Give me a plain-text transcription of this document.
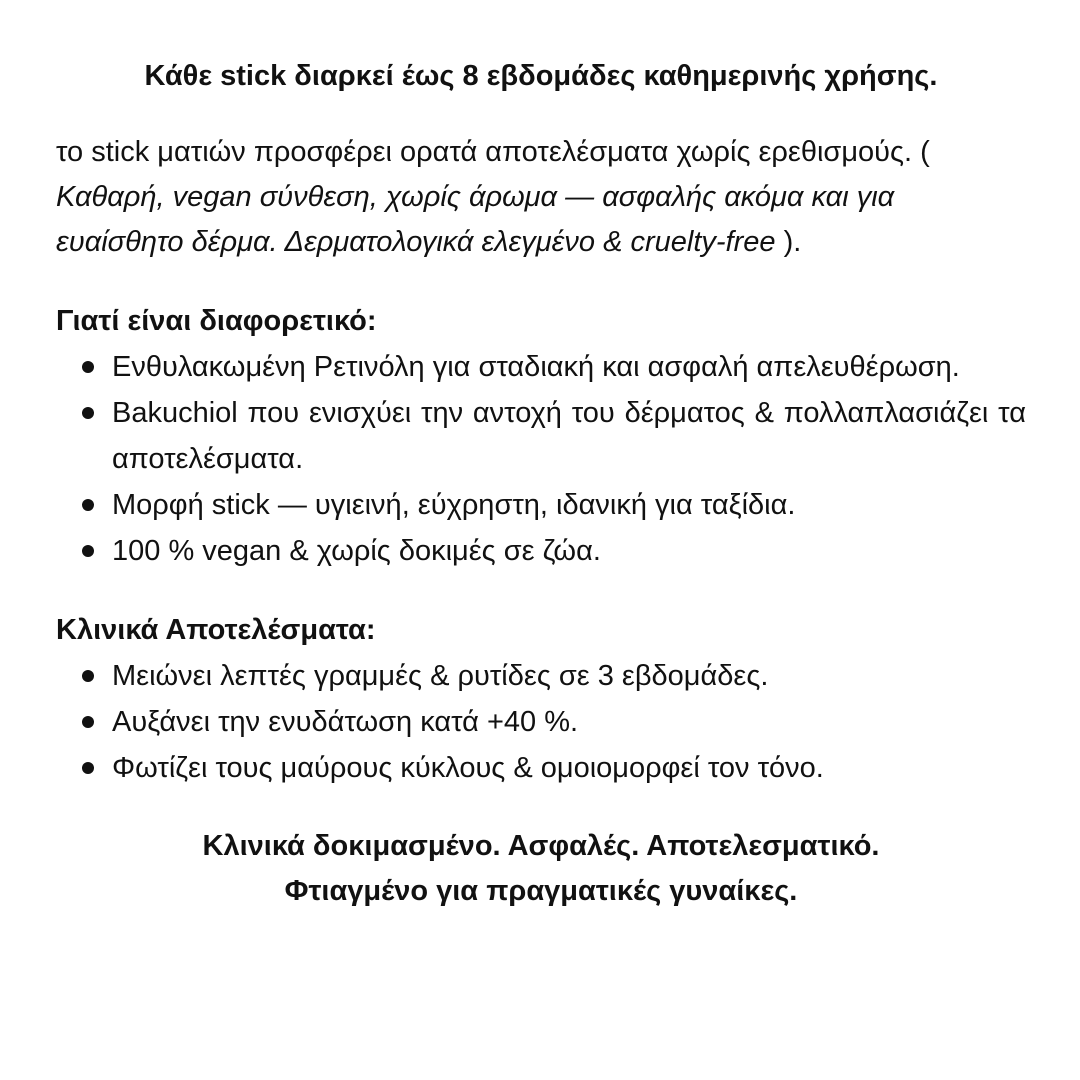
Κάθε stick διαρκεί έως 8 εβδομάδες καθημερινής χρήσης.

το stick ματιών προσφέρει ορατά αποτελέσματα χωρίς ερεθισμούς. ( Καθαρή, vegan σύνθεση, χωρίς άρωμα — ασφαλής ακόμα και για ευαίσθητο δέρμα. Δερματολογικά ελεγμένο & cruelty-free ).

Γιατί είναι διαφορετικό:

Ενθυλακωμένη Ρετινόλη για σταδιακή και ασφαλή απελευθέρωση.
Bakuchiol που ενισχύει την αντοχή του δέρματος & πολλαπλασιάζει τα αποτελέσματα.
Μορφή stick — υγιεινή, εύχρηστη, ιδανική για ταξίδια.
100 % vegan & χωρίς δοκιμές σε ζώα.

Κλινικά Αποτελέσματα:

Μειώνει λεπτές γραμμές & ρυτίδες σε 3 εβδομάδες.
Αυξάνει την ενυδάτωση κατά +40 %.
Φωτίζει τους μαύρους κύκλους & ομοιομορφεί τον τόνο.

Κλινικά δοκιμασμένο. Ασφαλές. Αποτελεσματικό.
Φτιαγμένο για πραγματικές γυναίκες.
